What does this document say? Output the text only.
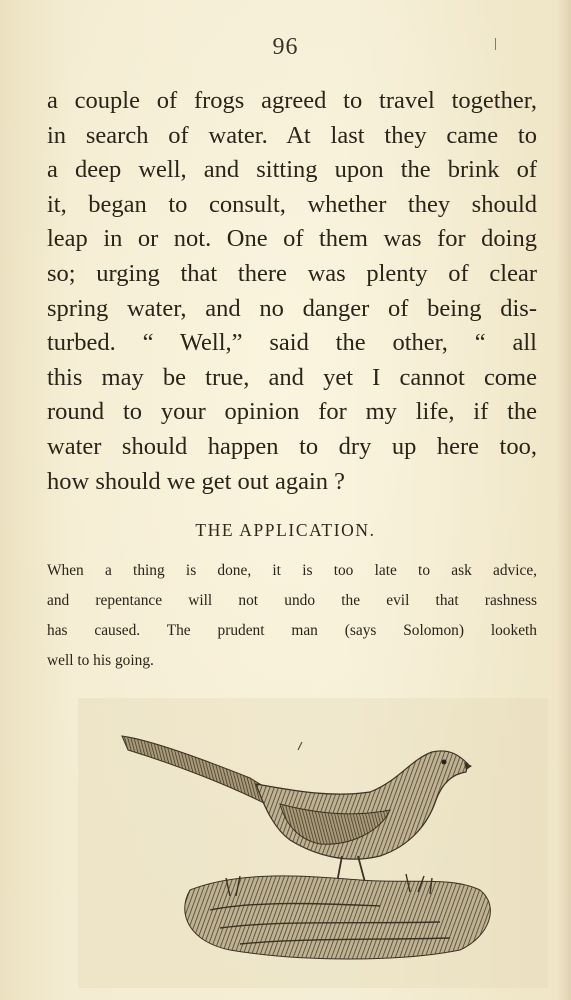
96
a couple of frogs agreed to travel together,
in search of water. At last they came to
a deep well, and sitting upon the brink of
it, began to consult, whether they should
leap in or not. One of them was for doing
so; urging that there was plenty of clear
spring water, and no danger of being dis-
turbed. “ Well,” said the other, “ all
this may be true, and yet I cannot come
round to your opinion for my life, if the
water should happen to dry up here too,
how should we get out again ?
THE APPLICATION.
When a thing is done, it is too late to ask advice,
and repentance will not undo the evil that rashness
has caused. The prudent man (says Solomon) looketh
well to his going.
